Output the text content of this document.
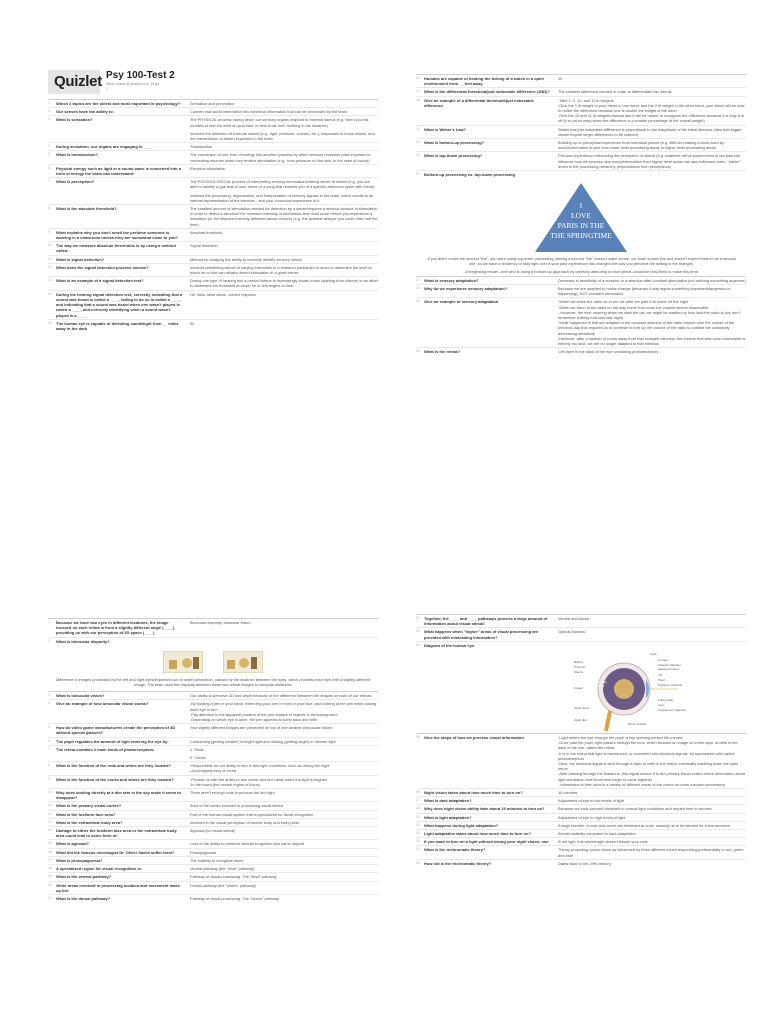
Quizlet Psy 100-Test 2
Study online at quizlet.com/_51yr4
1
1	Which 2 topics are the oldest and most important in psychology?	Sensation and perception

2	Our senses have the ability to:	Convert real-world information into electrical information that can be processed by the brain

3	What is sensation?	The PHYSICAL process during which our sensory organs respond to external stimuli (e.g. when you eat noodles or feel the wind on your face or hear a car horn honking in the distance)

Involves the detection of external stimuli (e.g., light, pressure, colours, etc.), responses to those stimuli, and the transmission of these responses to the brain

4	During sensation, our organs are engaging in ____	Transduction

5	What is transduction?	The conversion of one form of energy into another (process by which sensory reception pass impulses to connecting neurons when they receive stimulation (e.g., from pressure on the skin, in the case of touch))

6	Physical energy such as light or a sound wave is converted into a form of energy the brain can understand:

Electrical stimulation

7	What is perception?	The PSYCHOLOGICAL process of interpreting sensory information/making sense of stimuli (e.g. you are able to identify a gas leak in your home or a song that reminds you of a specific afternoon spent with friend)

Involves the processing, organization, and interpretation of sensory signals in the brain, which results in an internal representation of the stimulus - and your conscious experience of it

8	What is the absolute threshold?	The smallest amount of stimulation needed for detection by a sense/requires a minimal amount of stimulation in order to detect a stimulus/The minimum intensity of stimulation that must occur before you experience a sensation (or the stimulus intensity detected above chance) (e.g. the quietest whisper you could hear half the time)

9	What explains why you don't smell the perfume someone is wearing in a classroom unless they are somewhat close to you?

Absolute threshold

10	The way we measure absolute thresholds is by using a method called:

Signal detection

11	What is signal detection?	Method for studying the ability to correctly identify sensory stimuli

12	What does the signal detection process involve?	Involves presenting stimuli of varying intensities to a research participant in order to determine the level at which he or she can reliably detect stimulation in a given sense

13	What is an example of a signal detection test?	During one type of hearing test a person listens to increasingly louder tones (starting from silence) in an effort to determine the threshold at which he or she begins to hear

14	During the hearing signal detection test, correctly indicating that a sound was heard is called a ____, failing to do so is called a ____, and indicating that a sound was heard when one wasn't played is called a ____, and correctly identifying when a sound wasn't played is a ____

Hit, miss, false alarm, correct rejection

15	The human eye is capable of detecting candlelight from __ miles away in the dark

30

16	Humans are capable of hearing the ticking of a watch in a quiet environment from __ feet away

20

17	What is the differential threshold/just noticeable difference (JND)?	The smallest difference needed in order to differentiate two stimuli

18	Give an example of a differential threshold/just noticeable difference

-Take 1, 2, 10, and 11 lb weights
-Give the 1 lb weight to your friend in one hand, and the 2 lb weight in the other hand, your friend will be able to notice the difference because one is double the weight of the other
-Give the 10 and 11 lb weights instead and it will be harder to recognize the difference because it is only a lb off (it is not so easy when the difference is a smaller percentage of the overall weight)

19	What is Weber's Law?	States that just noticeable difference is proportional to the magnitude of the initial stimulus (idea that bigger stimuli require larger differences to be noticed)

20	What is bottom-up processing?	Building up to perceptual experience from individual pieces (e.g. little kid reading a book word by word)/information is sent from lower-level processing areas to higher level processing areas

21	What is top-down processing?	Previous experience influencing the perception of stimuli (e.g. whatever we've experienced in our past will influence how we process new ones)/information from higher-level areas can also influence lower, "earlier" levels in the processing hierarchy (expectations from perceptions)

22	Bottom-up processing vs. top-down processing
I
LOVE
PARIS IN THE
THE SPRINGTIME
-If you didn't notice the second "the", you were using top-down processing (having a second "the" doesn't make sense, our brain knows this and doesn't expect there to be a second one, so we have a tendency to skip right over it-your past experience has changed the way you perceive the writing in the triangle)
- A beginning reader--one who is using a bottom-up approach by carefully attending to each piece--would be less likely to make this error
23	What is sensory adaptation?	Decrease in sensitivity of a receptor to a stimulus after constant stimulation (not noticing something anymore)

24	Why do we experience sensory adaptation?	Because we are adapted to notice change (because it may signal something important/dangerous is happening), NOT constant stimulation

25	Give an example of sensory adaptation	-When we leave the radio on in our car after we park it at home for the night
-When we listen to the radio on the way home from work the volume seems reasonable
- However, the next morning when we start the car, we might be startled by how loud the radio is (we don't remember it being that loud last night)
-What happened is that we adapted to the constant stimulus of the radio volume over the course of the previous day-this required us to continue to turn up the volume of the radio to combat the constantly decreasing sensitivity
-However, after a number of hours away from that constant stimulus, the volume that was once reasonable is entirely too loud, we are no longer adapted to that stimulus

26	What is the retina?	Cell layer in the back of the eye containing photoreceptors

1	Because we have two eyes in different locations, the image focused on each retina is from a slightly different angle (____), providing us with our perception of 3D space (____)

Binocular disparity, binocular vision

2	What is binocular disparity?
Difference in images processed by the left and right eyes/important cue of depth perception, caused by the distance between the eyes, which provides each eye with a slightly different image. The brain uses the disparity between these two retinal images to compute distances
3	What is binocular vision?	Our ability to perceive 3D and depth because of the difference between the images on each of our retinas

4	Give an example of how binocular vision works?	-By holding a pen in your hand, extending your arm in front of your face, and looking at the pen while closing each eye in turn
-Pay attention to the apparent position of the pen relative to objects in the background
-Depending on which eye is open, the pen appears to jump back and forth

5	How do video game manufacturers create the perception of 3D without special glasses?

Two slightly different images are presented on top of one another (binocular vision)

6	The pupil regulates the amount of light entering the eye by:	Contracting (getting smaller) in bright light and dilating (getting larger) in dimmer light

7	The retina contains 2 main kinds of photoreceptors:	1. Rods

2. Cones

8	What is the function of the rods and where are they located?	-Responsible for our ability to see in dim light conditions, such as during the night
-Around/periphery of fovea

9	What is the function of the cones and where are they located?	-Provide us with the ability to see colour and fine detail when the light is brighter
-In the fovea (the central region of focus)

10	Why does looking directly at a dim star in the sky make it seem to disappear?

There aren't enough rods to process the dim light

11	What is the primary visual cortex?	Area of the cortex involved in processing visual stimuli

12	What is the fusiform face area?	Part of the human visual system that is specialized for facial recognition

13	What is the extrastriate body area?	Involved in the visual perception of human body and body parts

14	Damage to either the fusiform face area or the extrastriate body area could lead to some form of:

Agnosia (for visual stimuli)

15	What is agnosia?	Loss of the ability to perceive stimuli/recognition and name objects

16	What did the famous neurologist Dr. Oliver Sacks suffer from?	Prosopagnosia

17	What is prosopagnosia?	The inability to recognize faces

18	A specialized region for visual recognition is:	Ventral pathway (the "what" pathway)

19	What is the ventral pathway?	Pathway of visual processing. The "what" pathway

20	Other areas involved in processing location and movement make up the:

Dorsal pathway (the "where" pathway)

21	What is the dorsal pathway?	Pathway of visual processing. The "where" pathway

22	Together, the ____ and ____ pathways process a large amount of information about visual stimuli

Ventral and dorsal

23	What happens when "higher" areas of visual processing are provided with misleading information?

Optical illusions

24	Diagram of the human eye:
Light
Cornea
Anterior chamber
aqueous humor
Iris
Pupil
Posterior chamber
Ciliary body
Lens
Suspensory ligament
Retina
Choroid
Sclera
Optic nerve
Fovea
Vitreous
humor
Optic disc
blood vessels
25	Give the steps of how we process visual information	-Light enters the eye through the pupil, a tiny opening behind the cornea
-Once past the pupil, light passes through the lens, which focuses an image on a thin layer of cells in the back of the eye, called the retina
-It is in the retina that light is transduced, or converted into electrical signals, by specialized cells called photoreceptors
-Next, the electrical signal is sent through a layer of cells in the retina, eventually traveling down the optic nerve
-After passing through the thalamus, this signal makes it to the primary visual cortex where information about light orientation and movement begin to come together
- Information is then sent to a variety of different areas of the cortex for more complex processing

26	Night vision takes about how much time to turn on?	10 minutes

27	What is dark adaptation?	Adjustment of eye to low levels of light

28	Why does night vision ability take about 10 minutes to turn on?	Because our rods become bleached in normal light conditions and require time to recover

29	What is light adaptation?	Adjustment of eye to high levels of light

30	What happens during light adaptation?	A large number of rods and cones are bleached at once, causing us to be blinded for a few seconds

31	Light adaptation takes about how much time to turn on?	Almost instantly compared to dark adaptation

32	If you want to turn on a light without losing your night vision, use:	A red light, this wavelength doesn't bleach your rods

33	What is the trichromatic theory?	Theory proposing colour vision as influenced by three different cones responding preferentially to red, green and blue

34	How old is the trichromatic theory?	Dates back to the 19th century
